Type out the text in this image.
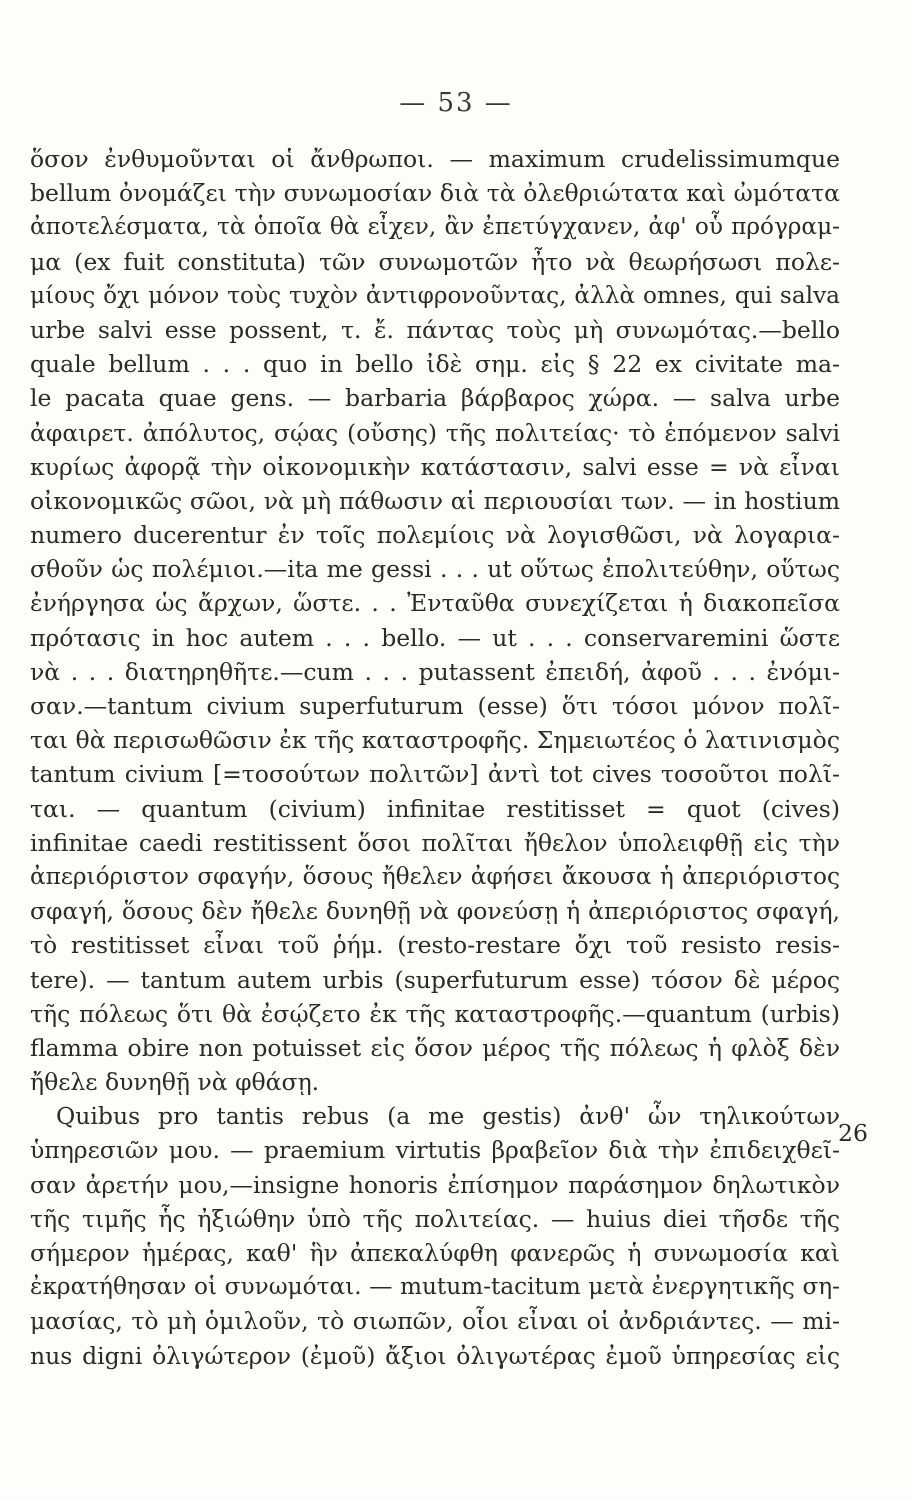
— 53 —
ὅσον ἐνθυμοῦνται οἱ ἄνθρωποι. — maximum crudelissimumque
bellum ὀνομάζει τὴν συνωμοσίαν διὰ τὰ ὀλεθριώτατα καὶ ὠμότατα
ἀποτελέσματα, τὰ ὁποῖα θὰ εἶχεν, ἂν ἐπετύγχανεν, ἀφ' οὗ πρόγραμ-
μα (ex fuit constituta) τῶν συνωμοτῶν ἦτο νὰ θεωρήσωσι πολε-
μίους ὄχι μόνον τοὺς τυχὸν ἀντιφρονοῦντας, ἀλλὰ omnes, qui salva
urbe salvi esse possent, τ. ἔ. πάντας τοὺς μὴ συνωμότας.—bello
quale bellum . . . quo in bello ἰδὲ σημ. εἰς § 22 ex civitate ma-
le pacata quae gens. — barbaria βάρβαρος χώρα. — salva urbe
ἀφαιρετ. ἀπόλυτος, σῴας (οὔσης) τῆς πολιτείας· τὸ ἑπόμενον salvi
κυρίως ἀφορᾷ τὴν οἰκονομικὴν κατάστασιν, salvi esse = νὰ εἶναι
οἰκονομικῶς σῶοι, νὰ μὴ πάθωσιν αἱ περιουσίαι των. — in hostium
numero ducerentur ἐν τοῖς πολεμίοις νὰ λογισθῶσι, νὰ λογαρια-
σθοῦν ὡς πολέμιοι.—ita me gessi . . . ut οὕτως ἐπολιτεύθην, οὕτως
ἐνήργησα ὡς ἄρχων, ὥστε. . . Ἐνταῦθα συνεχίζεται ἡ διακοπεῖσα
πρότασις in hoc autem . . . bello. — ut . . . conservaremini ὥστε
νὰ . . . διατηρηθῆτε.—cum . . . putassent ἐπειδή, ἀφοῦ . . . ἐνόμι-
σαν.—tantum civium superfuturum (esse) ὅτι τόσοι μόνον πολῖ-
ται θὰ περισωθῶσιν ἐκ τῆς καταστροφῆς. Σημειωτέος ὁ λατινισμὸς
tantum civium [=τοσούτων πολιτῶν] ἀντὶ tot cives τοσοῦτοι πολῖ-
ται. — quantum (civium) infinitae restitisset = quot (cives)
infinitae caedi restitissent ὅσοι πολῖται ἤθελον ὑπολειφθῇ εἰς τὴν
ἀπεριόριστον σφαγήν, ὅσους ἤθελεν ἀφήσει ἄκουσα ἡ ἀπεριόριστος
σφαγή, ὅσους δὲν ἤθελε δυνηθῇ νὰ φονεύσῃ ἡ ἀπεριόριστος σφαγή,
τὸ restitisset εἶναι τοῦ ῥήμ. (resto-restare ὄχι τοῦ resisto resis-
tere). — tantum autem urbis (superfuturum esse) τόσον δὲ μέρος
τῆς πόλεως ὅτι θὰ ἐσῴζετο ἐκ τῆς καταστροφῆς.—quantum (urbis)
flamma obire non potuisset εἰς ὅσον μέρος τῆς πόλεως ἡ φλὸξ δὲν
ἤθελε δυνηθῇ νὰ φθάσῃ.
Quibus pro tantis rebus (a me gestis) ἀνθ' ὧν τηλικούτων
ὑπηρεσιῶν μου. — praemium virtutis βραβεῖον διὰ τὴν ἐπιδειχθεῖ-
σαν ἀρετήν μου,—insigne honoris ἐπίσημον παράσημον δηλωτικὸν
τῆς τιμῆς ἧς ἠξιώθην ὑπὸ τῆς πολιτείας. — huius diei τῆσδε τῆς
σήμερον ἡμέρας, καθ' ἣν ἀπεκαλύφθη φανερῶς ἡ συνωμοσία καὶ
ἐκρατήθησαν οἱ συνωμόται. — mutum-tacitum μετὰ ἐνεργητικῆς ση-
μασίας, τὸ μὴ ὁμιλοῦν, τὸ σιωπῶν, οἷοι εἶναι οἱ ἀνδριάντες. — mi-
nus digni ὀλιγώτερον (ἐμοῦ) ἄξιοι ὀλιγωτέρας ἐμοῦ ὑπηρεσίας εἰς
26
